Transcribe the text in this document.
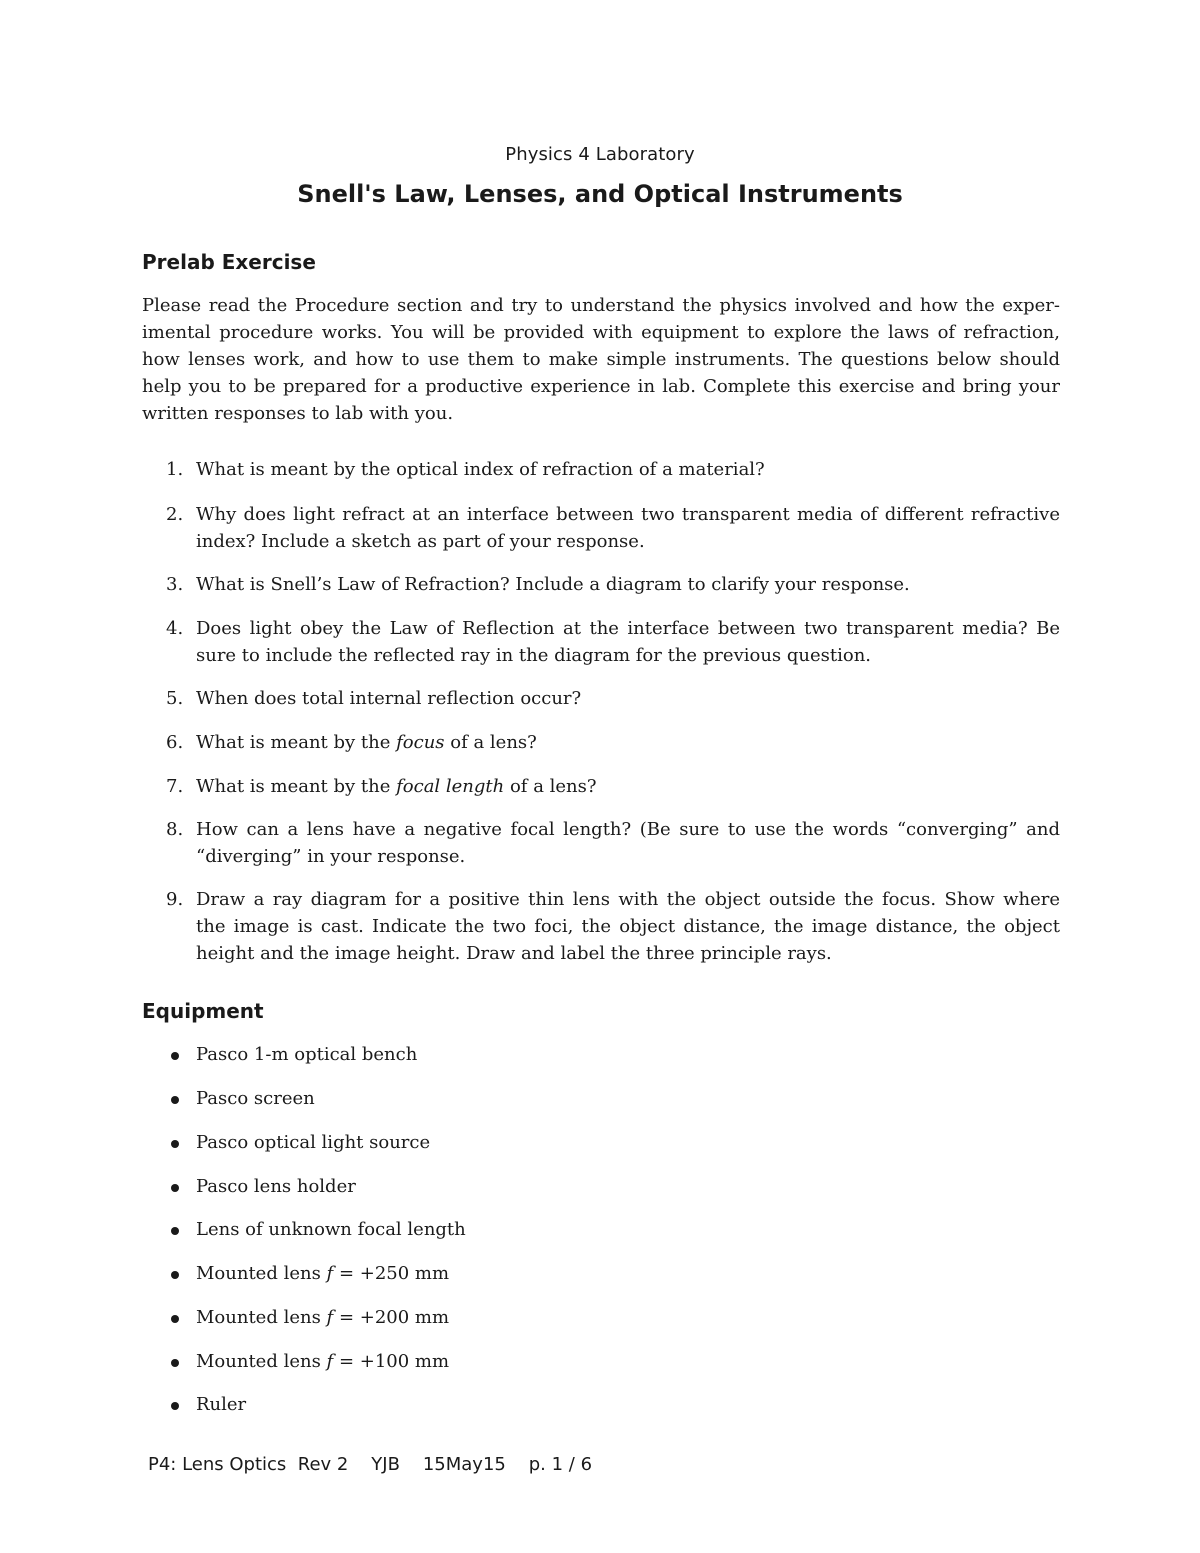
Physics 4 Laboratory
Snell's Law, Lenses, and Optical Instruments
Prelab Exercise
Please read the Procedure section and try to understand the physics involved and how the exper-
imental procedure works. You will be provided with equipment to explore the laws of refraction,
how lenses work, and how to use them to make simple instruments. The questions below should
help you to be prepared for a productive experience in lab. Complete this exercise and bring your
written responses to lab with you.
1. What is meant by the optical index of refraction of a material?
2. Why does light refract at an interface between two transparent media of different refractive
index? Include a sketch as part of your response.
3. What is Snell’s Law of Refraction? Include a diagram to clarify your response.
4. Does light obey the Law of Reflection at the interface between two transparent media? Be
sure to include the reflected ray in the diagram for the previous question.
5. When does total internal reflection occur?
6. What is meant by the focus of a lens?
7. What is meant by the focal length of a lens?
8. How can a lens have a negative focal length? (Be sure to use the words “converging” and
“diverging” in your response.
9. Draw a ray diagram for a positive thin lens with the object outside the focus. Show where
the image is cast. Indicate the two foci, the object distance, the image distance, the object
height and the image height. Draw and label the three principle rays.
Equipment
Pasco 1-m optical bench
Pasco screen
Pasco optical light source
Pasco lens holder
Lens of unknown focal length
Mounted lens f = +250 mm
Mounted lens f = +200 mm
Mounted lens f = +100 mm
Ruler
P4: Lens Optics Rev 2 YJB 15May15 p. 1 / 6
